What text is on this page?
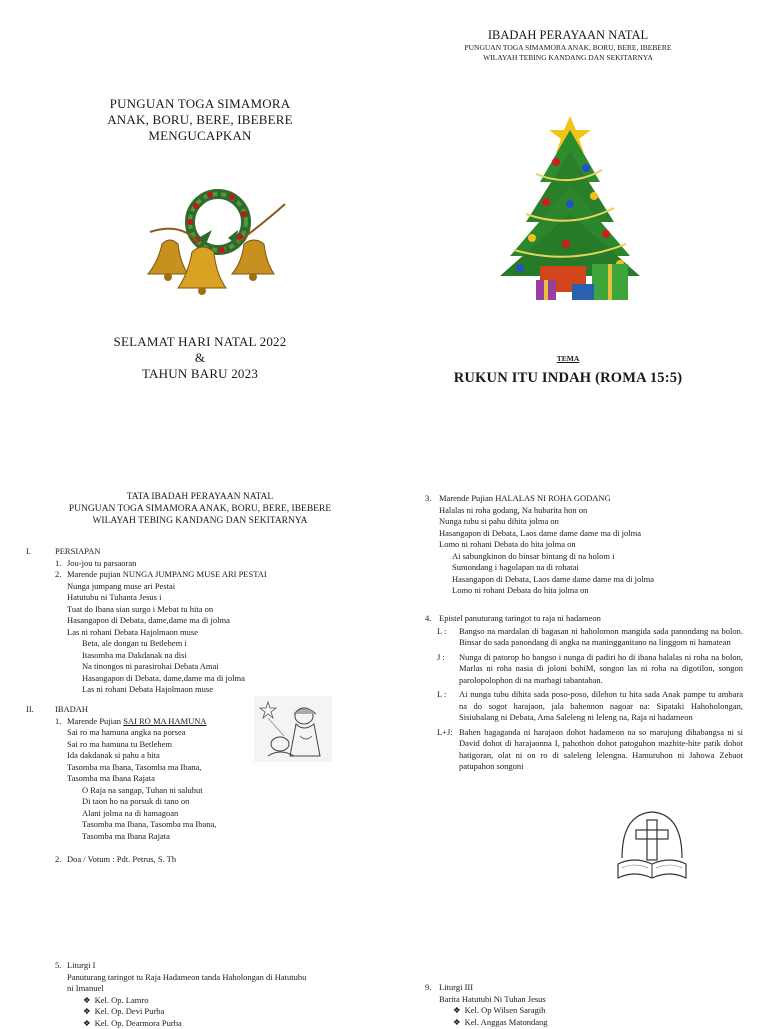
PUNGUAN TOGA SIMAMORA
ANAK, BORU, BERE, IBEBERE
MENGUCAPKAN
SELAMAT HARI NATAL 2022
&
TAHUN BARU 2023
IBADAH PERAYAAN NATAL
PUNGUAN TOGA SIMAMORA ANAK, BORU, BERE, IBEBERE
WILAYAH TEBING KANDANG DAN SEKITARNYA
TEMA
RUKUN ITU INDAH (ROMA 15:5)
TATA IBADAH PERAYAAN NATAL
PUNGUAN TOGA SIMAMORA ANAK, BORU, BERE, IBEBERE
WILAYAH TEBING KANDANG DAN SEKITARNYA
I.	PERSIAPAN
1. Jou-jou tu parsaoran
2. Marende pujian NUNGA JUMPANG MUSE ARI PESTAI
Nunga jumpang muse ari Pestai
Hatutubu ni Tuhanta Jesus i
Tuat do Ibana sian surgo i Mebat tu hita on
Hasangapon di Debata, dame,dame ma di jolma
Las ni rohani Debata Hajolmaon muse
Beta, ale dongan tu Betlehem i
Itasomba ma Dakdanak na disi
Na tinongos ni parasirohai Debata Amai
Hasangapon di Debata, dame,dame ma di jolma
Las ni rohani Debata Hajolmaon muse
II.	IBADAH
1. Marende Pujian SAI RO MA HAMUNA
Sai ro ma hamuna angka na porsea
Sai ro ma hamuna tu Betlehem
Ida dakdanak si pahu a hita
Tasomba ma Ibana, Tasomba ma Ibana,
Tasomba ma Ibana Rajata
O Raja na sangap, Tuhan ni saluhut
Di taon ho na porsuk di tano on
Alani jolma na di hamagoan
Tasomba ma Ibana, Tasomba ma Ibana,
Tasomba ma Ibana Rajata
2. Doa / Votum : Pdt. Petrus, S. Th
5. Liturgi I
Panuturang taringot tu Raja Hadameon tanda Haholongan di Hatutubu
ni Imanuel
❖ Kel. Op. Lamro
❖ Kel. Op. Devi Purba
❖ Kel. Op. Dearmora Purba
3. Marende Pujian HALALAS NI ROHA GODANG
Halalas ni roha godang, Na hubarita hon on
Nunga tubu si pahu dihita jolma on
Hasangapon di Debata, Laos dame dame dame ma di jolma
Lomo ni rohani Debata do hita jolma on
Ai sabungkinon do binsar bintang di na holom i
Sumondang i hagolapan na di rohatai
Hasangapon di Debata, Laos dame dame dame ma di jolma
Lomo ni rohani Debata do hita jolma on
4. Epistel panuturang taringot tu raja ni hadameon
L :	Bangso na mardalan di bagasan ni haholomon mangida sada panondang na bolon. Binsar do sada panondang di angka na maningganitano na linggom ni hamatean
J :	Nunga di patorop ho bangso i nunga di padiri ho di ibana halalas ni roha na bolon, Marlas ni roha nasia di joloni bohiM, songon las ni roha na digotilon, songon parolopolophon di na marbagi tabantaban.
L :	Ai nunga tubu dihita sada poso-poso, dilehon tu hita sada Anak pampe tu ambara na do sogot harajaon, jala bahennon nagoar na: Sipataki Hahoholongan, Sisiubalang ni Debata, Ama Saleleng ni leleng na, Raja ni hadameon
L+J: Bahen hagaganda ni harajaon dohot hadameon na so marujung dihabangsa ni si David dohot di harajaonna I, pahothon dohot patoguhon mazhite-hite patik dohot hatigoran, olat ni on ro di saleleng lelengna. Hamuruhon ni Jahowa Zebaot patupahon songoni
9. Liturgi III
Barita Hatutubi Ni Tuhan Jesus
❖ Kel. Op Wilsen Saragih
❖ Kel. Anggas Matondang
